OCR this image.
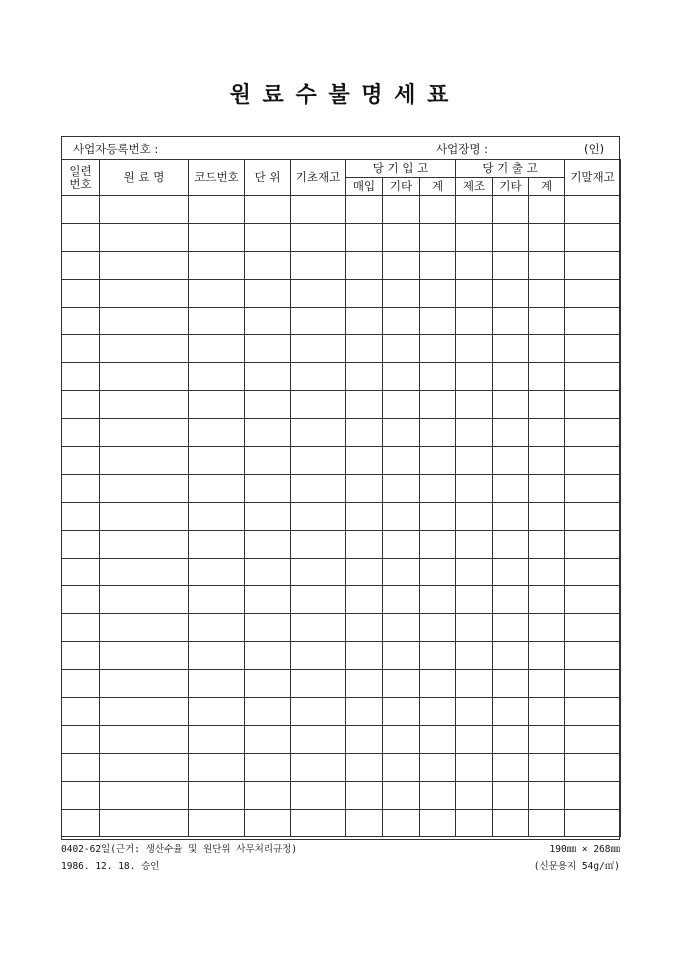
원 료 수 불 명 세 표
사업자등록번호 :	사업장명 :	(인)
일련
번호	원 료 명	코드번호	단 위	기초재고	당 기 입 고			당 기 출 고			기말재고
					매입	기타	계	제조	기타	계	

0402-62일(근거: 생산수율 및 원단위 사무처리규정)
1986. 12. 18. 승인
190㎜ × 268㎜
(신문용지 54g/㎡)
